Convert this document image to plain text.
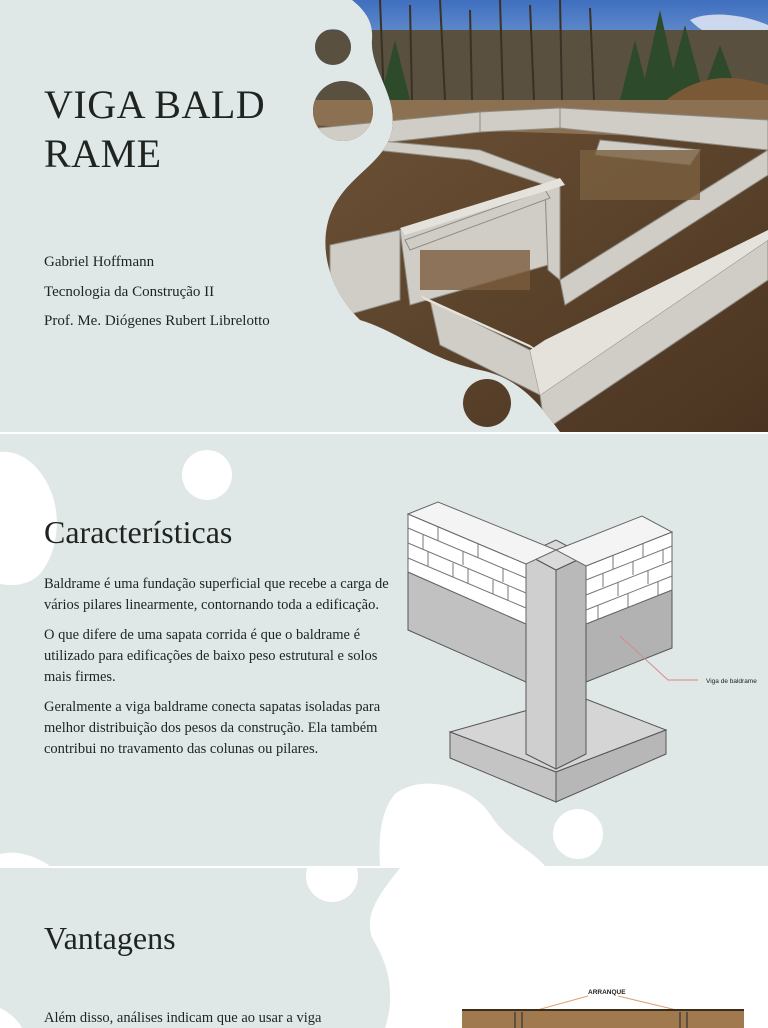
VIGA BALDRAME
Gabriel Hoffmann
Tecnologia da Construção II
Prof. Me. Diógenes Rubert Librelotto
Características

Baldrame é uma fundação superficial que recebe a carga de vários pilares linearmente, contornando toda a edificação.

O que difere de uma sapata corrida é que o baldrame é utilizado para edificações de baixo peso estrutural e solos mais firmes.

Geralmente a viga baldrame conecta sapatas isoladas para melhor distribuição dos pesos da construção. Ela também contribui no travamento das colunas ou pilares.

Viga de baldrame
Vantagens
Além disso, análises indicam que ao usar a viga
ARRANQUE
